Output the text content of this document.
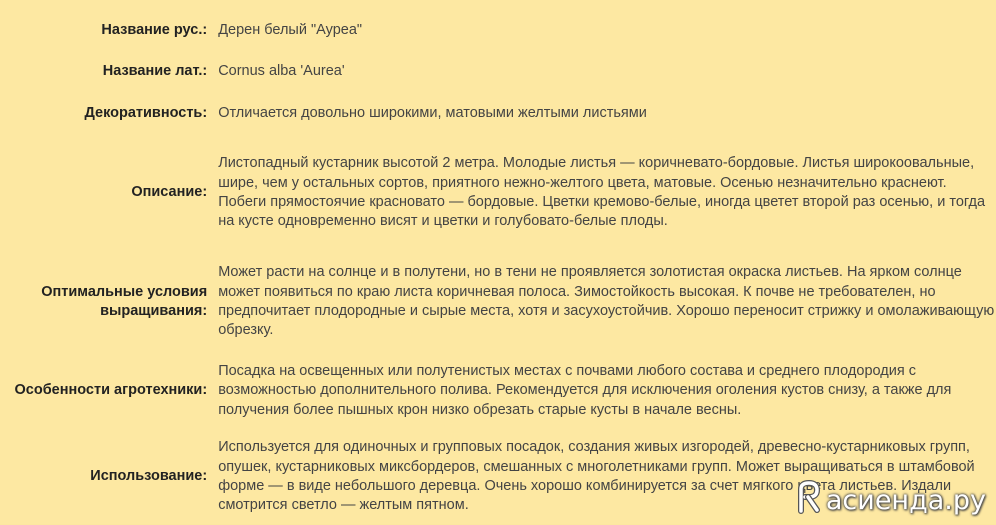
Название рус.:	Дерен белый "Ауреа"
Название лат.:	Cornus alba 'Aurea'
Декоративность:	Отличается довольно широкими, матовыми желтыми листьями
Описание:	Листопадный кустарник высотой 2 метра. Молодые листья — коричневато-бордовые. Листья широкоовальные, шире, чем у остальных сортов, приятного нежно-желтого цвета, матовые. Осенью незначительно краснеют. Побеги прямостоячие красновато — бордовые. Цветки кремово-белые, иногда цветет второй раз осенью, и тогда на кусте одновременно висят и цветки и голубовато-белые плоды.
Оптимальные условия выращивания:	Может расти на солнце и в полутени, но в тени не проявляется золотистая окраска листьев. На ярком солнце может появиться по краю листа коричневая полоса. Зимостойкость высокая. К почве не требователен, но предпочитает плодородные и сырые места, хотя и засухоустойчив. Хорошо переносит стрижку и омолаживающую обрезку.
Особенности агротехники:	Посадка на освещенных или полутенистых местах с почвами любого состава и среднего плодородия с возможностью дополнительного полива. Рекомендуется для исключения оголения кустов снизу, а также для получения более пышных крон низко обрезать старые кусты в начале весны.
Использование:	Используется для одиночных и групповых посадок, создания живых изгородей, древесно-кустарниковых групп, опушек, кустарниковых миксбордеров, смешанных с многолетниками групп. Может выращиваться в штамбовой форме — в виде небольшого деревца. Очень хорошо комбинируется за счет мягкого цвета листьев. Издали смотрится светло — желтым пятном.	асиенда.ру
